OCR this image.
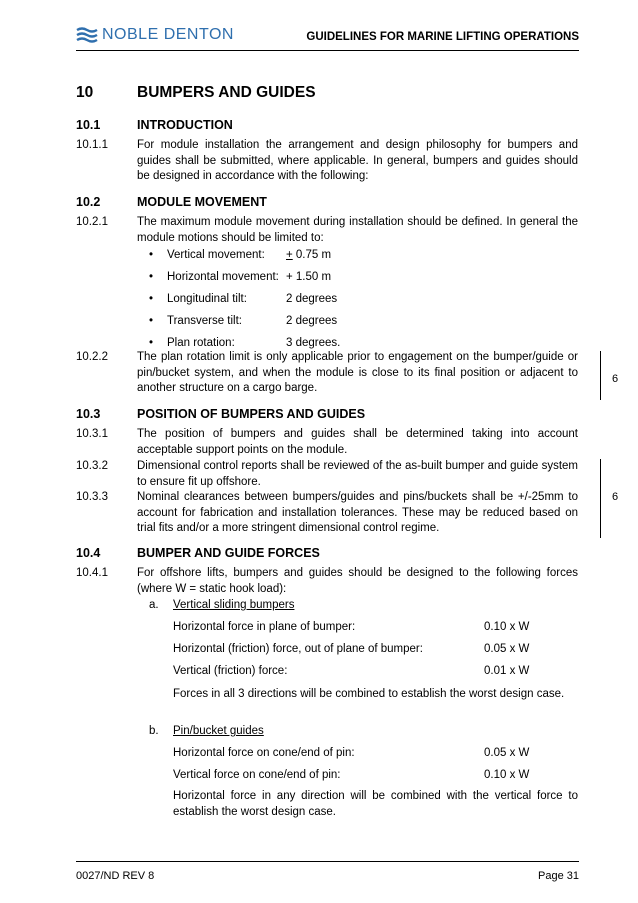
NOBLE DENTON	GUIDELINES FOR MARINE LIFTING OPERATIONS
10	BUMPERS AND GUIDES
10.1	INTRODUCTION
10.1.1	For module installation the arrangement and design philosophy for bumpers and guides shall be submitted, where applicable. In general, bumpers and guides should be designed in accordance with the following:
10.2	MODULE MOVEMENT
10.2.1	The maximum module movement during installation should be defined. In general the module motions should be limited to:
• Vertical movement: + 0.75 m
• Horizontal movement: + 1.50 m
• Longitudinal tilt:	2 degrees
• Transverse tilt:	2 degrees
• Plan rotation:	3 degrees.
10.2.2	The plan rotation limit is only applicable prior to engagement on the bumper/guide or pin/bucket system, and when the module is close to its final position or adjacent to another structure on a cargo barge.
6
10.3	POSITION OF BUMPERS AND GUIDES
10.3.1	The position of bumpers and guides shall be determined taking into account acceptable support points on the module.
10.3.2	Dimensional control reports shall be reviewed of the as-built bumper and guide system to ensure fit up offshore.
10.3.3	Nominal clearances between bumpers/guides and pins/buckets shall be +/-25mm to account for fabrication and installation tolerances. These may be reduced based on trial fits and/or a more stringent dimensional control regime.
6
10.4	BUMPER AND GUIDE FORCES
10.4.1	For offshore lifts, bumpers and guides should be designed to the following forces (where W = static hook load):
a. Vertical sliding bumpers
Horizontal force in plane of bumper:	0.10 x W
Horizontal (friction) force, out of plane of bumper:	0.05 x W
Vertical (friction) force:	0.01 x W
Forces in all 3 directions will be combined to establish the worst design case.
b. Pin/bucket guides
Horizontal force on cone/end of pin:	0.05 x W
Vertical force on cone/end of pin:	0.10 x W
Horizontal force in any direction will be combined with the vertical force to establish the worst design case.
0027/ND REV 8	Page 31
